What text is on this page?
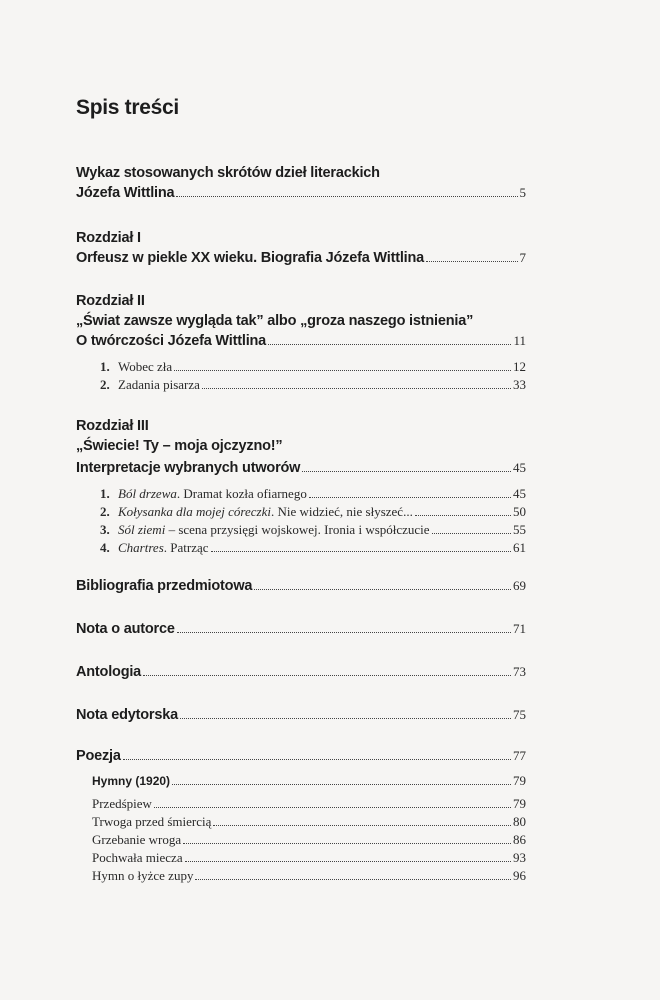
Spis treści
Wykaz stosowanych skrótów dzieł literackich
Józefa Wittlina	5
Rozdział I
Orfeusz w piekle XX wieku. Biografia Józefa Wittlina	7
Rozdział II
„Świat zawsze wygląda tak” albo „groza naszego istnienia”
O twórczości Józefa Wittlina	11
1. Wobec zła	12
2. Zadania pisarza	33
Rozdział III
„Świecie! Ty – moja ojczyzno!”
Interpretacje wybranych utworów	45
1. Ból drzewa. Dramat kozła ofiarnego	45
2. Kołysanka dla mojej córeczki. Nie widzieć, nie słyszeć...	50
3. Sól ziemi – scena przysięgi wojskowej. Ironia i współczucie	55
4. Chartres. Patrząc	61
Bibliografia przedmiotowa	69
Nota o autorce	71
Antologia	73
Nota edytorska	75
Poezja	77
Hymny (1920)	79
Przedśpiew	79
Trwoga przed śmiercią	80
Grzebanie wroga	86
Pochwała miecza	93
Hymn o łyżce zupy	96
